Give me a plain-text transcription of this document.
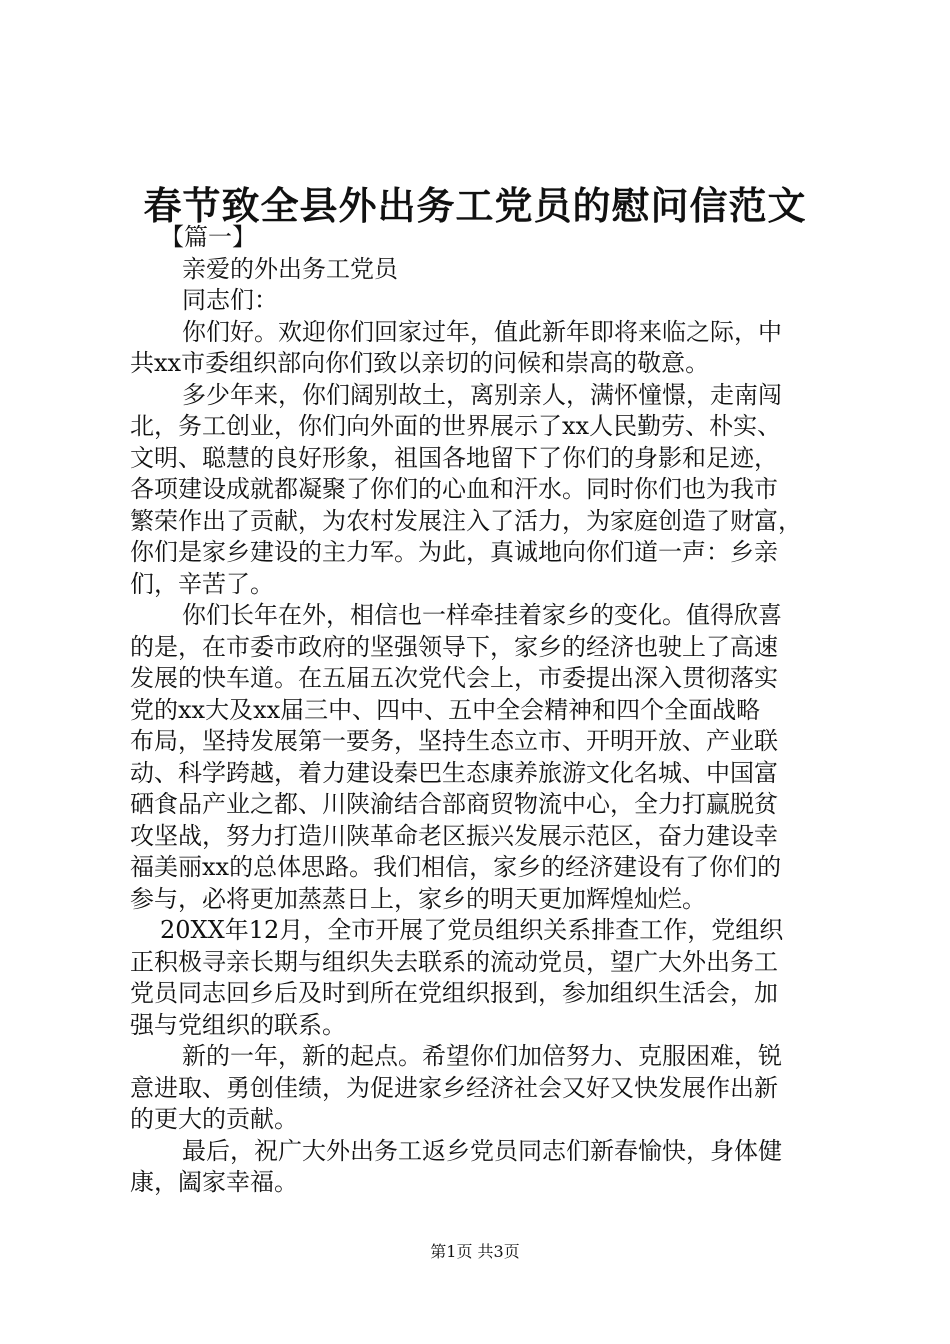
春节致全县外出务工党员的慰问信范文
【篇一】
亲爱的外出务工党员
同志们：
你们好。欢迎你们回家过年，值此新年即将来临之际，中
共xx市委组织部向你们致以亲切的问候和崇高的敬意。
多少年来，你们阔别故土，离别亲人，满怀憧憬，走南闯
北，务工创业，你们向外面的世界展示了xx人民勤劳、朴实、
文明、聪慧的良好形象，祖国各地留下了你们的身影和足迹，
各项建设成就都凝聚了你们的心血和汗水。同时你们也为我市
繁荣作出了贡献，为农村发展注入了活力，为家庭创造了财富，
你们是家乡建设的主力军。为此，真诚地向你们道一声：乡亲
们，辛苦了。
你们长年在外，相信也一样牵挂着家乡的变化。值得欣喜
的是，在市委市政府的坚强领导下，家乡的经济也驶上了高速
发展的快车道。在五届五次党代会上，市委提出深入贯彻落实
党的xx大及xx届三中、四中、五中全会精神和四个全面战略
布局，坚持发展第一要务，坚持生态立市、开明开放、产业联
动、科学跨越，着力建设秦巴生态康养旅游文化名城、中国富
硒食品产业之都、川陕渝结合部商贸物流中心，全力打赢脱贫
攻坚战，努力打造川陕革命老区振兴发展示范区，奋力建设幸
福美丽xx的总体思路。我们相信，家乡的经济建设有了你们的
参与，必将更加蒸蒸日上，家乡的明天更加辉煌灿烂。
20XX年12月，全市开展了党员组织关系排查工作，党组织
正积极寻亲长期与组织失去联系的流动党员，望广大外出务工
党员同志回乡后及时到所在党组织报到，参加组织生活会，加
强与党组织的联系。
新的一年，新的起点。希望你们加倍努力、克服困难，锐
意进取、勇创佳绩，为促进家乡经济社会又好又快发展作出新
的更大的贡献。
最后，祝广大外出务工返乡党员同志们新春愉快，身体健
康，阖家幸福。
第1页 共3页
